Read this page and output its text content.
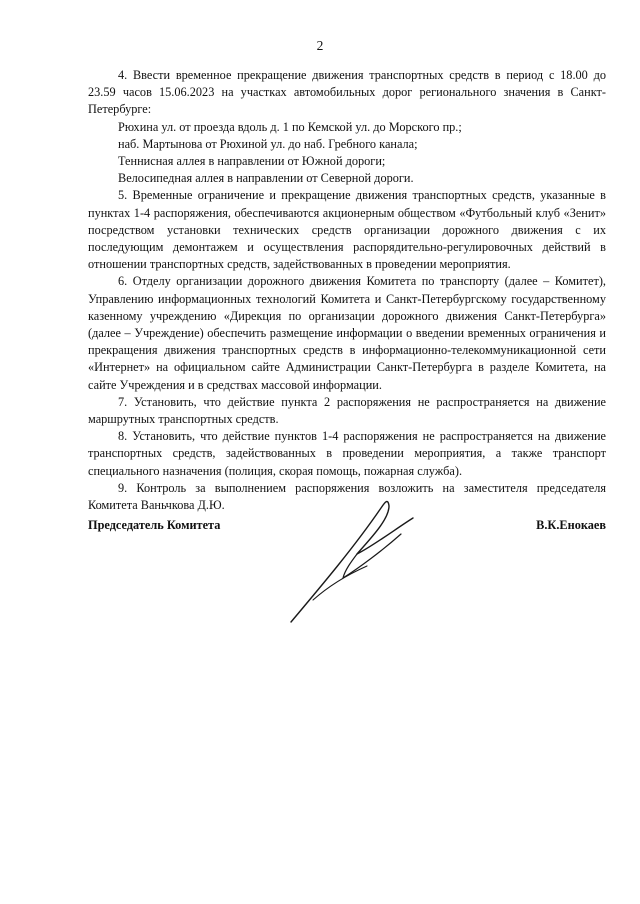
2

4. Ввести временное прекращение движения транспортных средств в период с 18.00 до 23.59 часов 15.06.2023 на участках автомобильных дорог регионального значения в Санкт-Петербурге:

Рюхина ул. от проезда вдоль д. 1 по Кемской ул. до Морского пр.;

наб. Мартынова от Рюхиной ул. до наб. Гребного канала;

Теннисная аллея в направлении от Южной дороги;

Велосипедная аллея в направлении от Северной дороги.

5. Временные ограничение и прекращение движения транспортных средств, указанные в пунктах 1-4 распоряжения, обеспечиваются акционерным обществом «Футбольный клуб «Зенит» посредством установки технических средств организации дорожного движения с их последующим демонтажем и осуществления распорядительно-регулировочных действий в отношении транспортных средств, задействованных в проведении мероприятия.

6. Отделу организации дорожного движения Комитета по транспорту (далее – Комитет), Управлению информационных технологий Комитета и Санкт-Петербургскому государственному казенному учреждению «Дирекция по организации дорожного движения Санкт-Петербурга» (далее – Учреждение) обеспечить размещение информации о введении временных ограничения и прекращения движения транспортных средств в информационно-телекоммуникационной сети «Интернет» на официальном сайте Администрации Санкт-Петербурга в разделе Комитета, на сайте Учреждения и в средствах массовой информации.

7. Установить, что действие пункта 2 распоряжения не распространяется на движение маршрутных транспортных средств.

8. Установить, что действие пунктов 1-4 распоряжения не распространяется на движение транспортных средств, задействованных в проведении мероприятия, а также транспорт специального назначения (полиция, скорая помощь, пожарная служба).

9. Контроль за выполнением распоряжения возложить на заместителя председателя Комитета Ваньчкова Д.Ю.

Председатель Комитета	В.К.Енокаев
